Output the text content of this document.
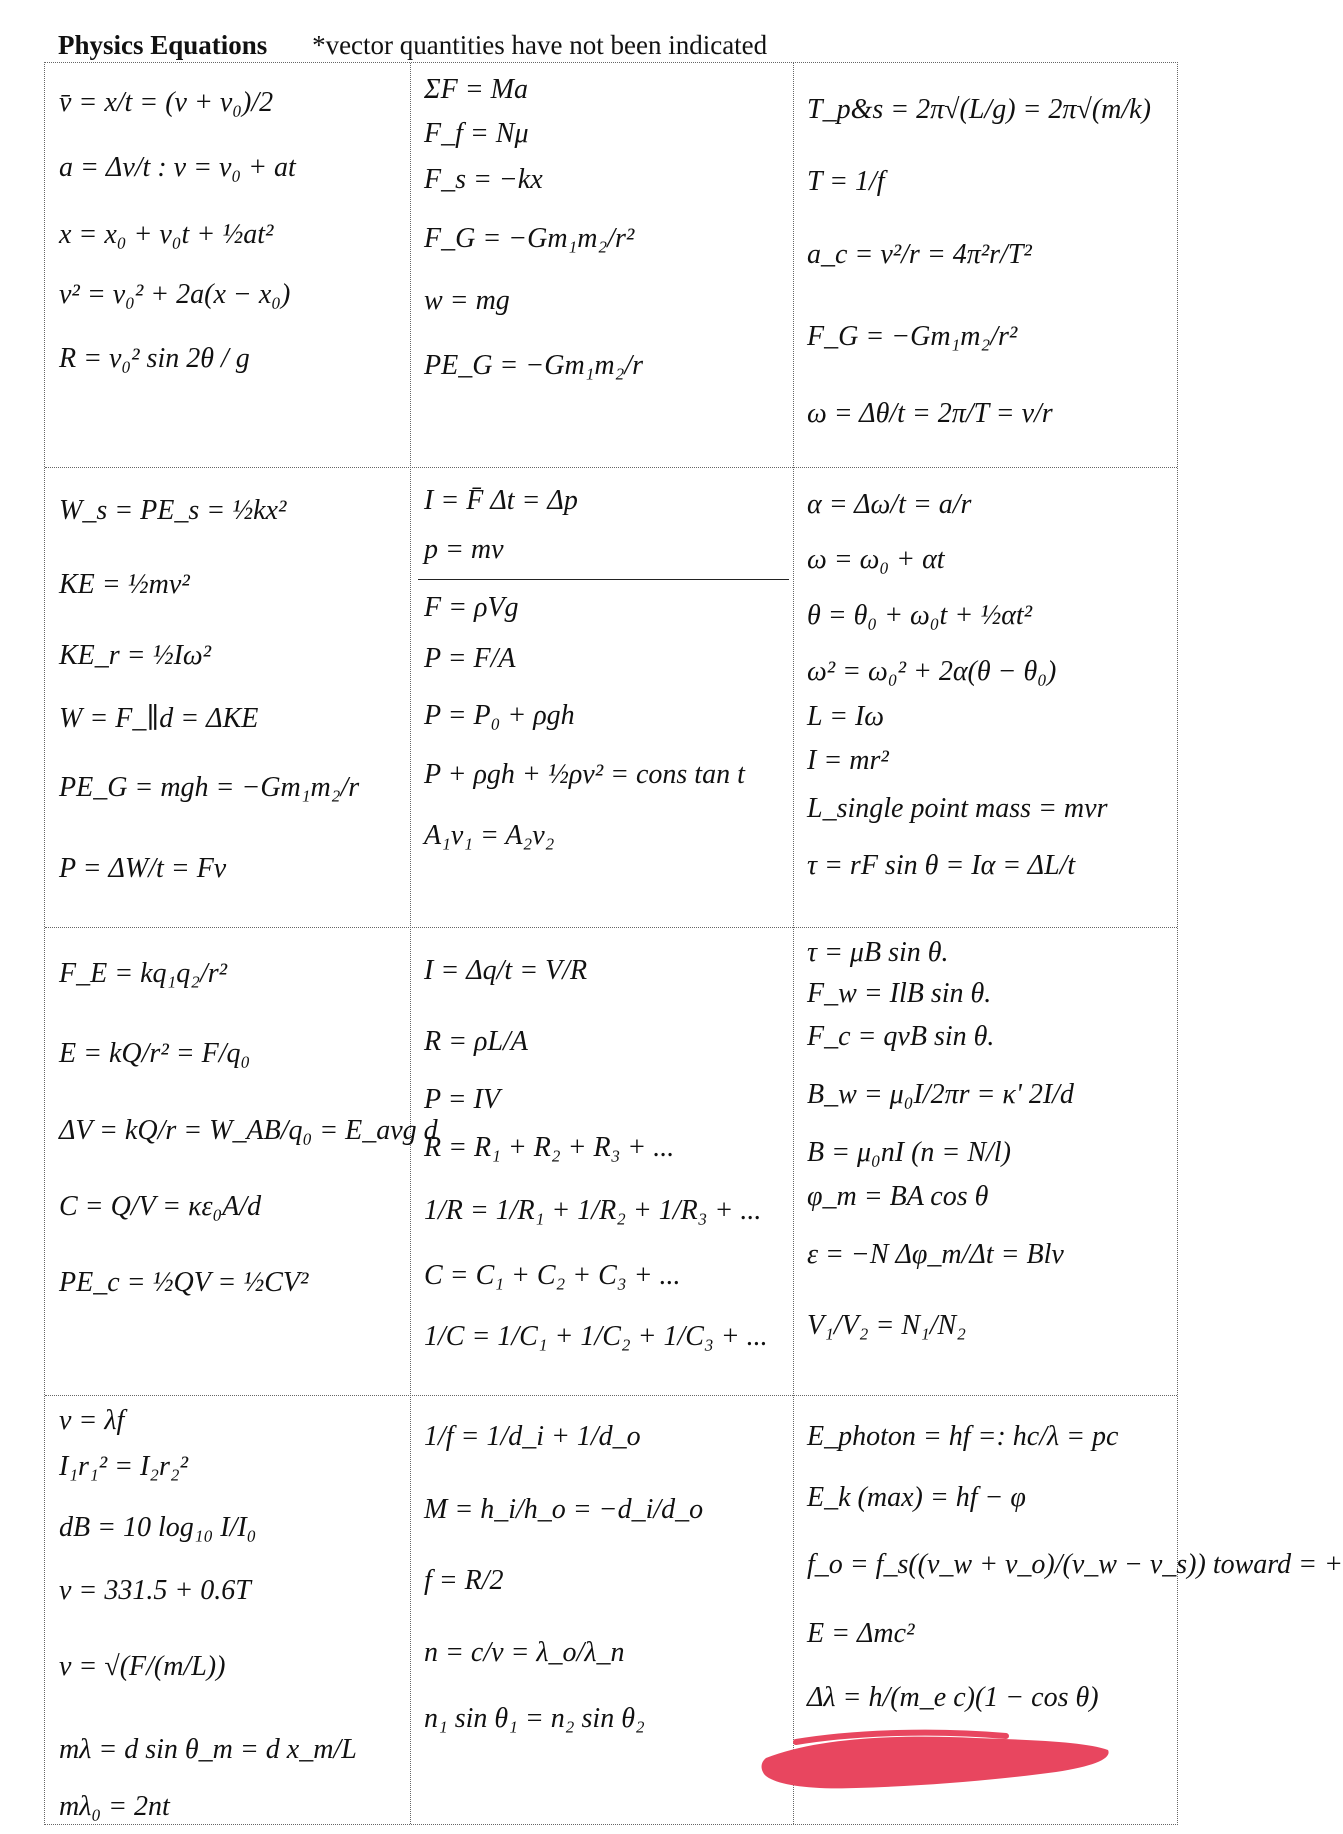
Physics Equations *vector quantities have not been indicated
v̄ = x/t = (v + v₀)/2
a = Δv/t : v = v₀ + at
x = x₀ + v₀t + ½at²
v² = v₀² + 2a(x − x₀)
R = v₀² sin 2θ / g
ΣF = Ma
F_f = Nμ
F_s = −kx
F_G = −Gm₁m₂/r²
w = mg
PE_G = −Gm₁m₂/r
T_p&s = 2π√(L/g) = 2π√(m/k)
T = 1/f
a_c = v²/r = 4π²r/T²
F_G = −Gm₁m₂/r²
ω = Δθ/t = 2π/T = v/r
W_s = PE_s = ½kx²
KE = ½mv²
KE_r = ½Iω²
W = F_∥d = ΔKE
PE_G = mgh = −Gm₁m₂/r
P = ΔW/t = Fv
I = F̄ Δt = Δp
p = mv
F = ρVg
P = F/A
P = P₀ + ρgh
P + ρgh + ½ρv² = cons tan t
A₁v₁ = A₂v₂
α = Δω/t = a/r
ω = ω₀ + αt
θ = θ₀ + ω₀t + ½αt²
ω² = ω₀² + 2α(θ − θ₀)
L = Iω
I = mr²
L_single point mass = mvr
τ = rF sin θ = Iα = ΔL/t
F_E = kq₁q₂/r²
E = kQ/r² = F/q₀
ΔV = kQ/r = W_AB/q₀ = E_avg d
C = Q/V = κε₀A/d
PE_c = ½QV = ½CV²
I = Δq/t = V/R
R = ρL/A
P = IV
R = R₁ + R₂ + R₃ + ...
1/R = 1/R₁ + 1/R₂ + 1/R₃ + ...
C = C₁ + C₂ + C₃ + ...
1/C = 1/C₁ + 1/C₂ + 1/C₃ + ...
τ = μB sin θ.
F_w = IlB sin θ.
F_c = qvB sin θ.
B_w = μ₀I/2πr = κ' 2I/d
B = μ₀nI (n = N/l)
φ_m = BA cos θ
ε = −N Δφ_m/Δt = Blv
V₁/V₂ = N₁/N₂
v = λf
I₁r₁² = I₂r₂²
dB = 10 log₁₀ I/I₀
v = 331.5 + 0.6T
v = √(F/(m/L))
mλ = d sin θ_m = d x_m/L
mλ₀ = 2nt
1/f = 1/d_i + 1/d_o
M = h_i/h_o = −d_i/d_o
f = R/2
n = c/v = λ_o/λ_n
n₁ sin θ₁ = n₂ sin θ₂
E_photon = hf =: hc/λ = pc
E_k (max) = hf − φ
f_o = f_s((v_w + v_o)/(v_w − v_s)) toward = +
E = Δmc²
Δλ = h/(m_e c)(1 − cos θ)
